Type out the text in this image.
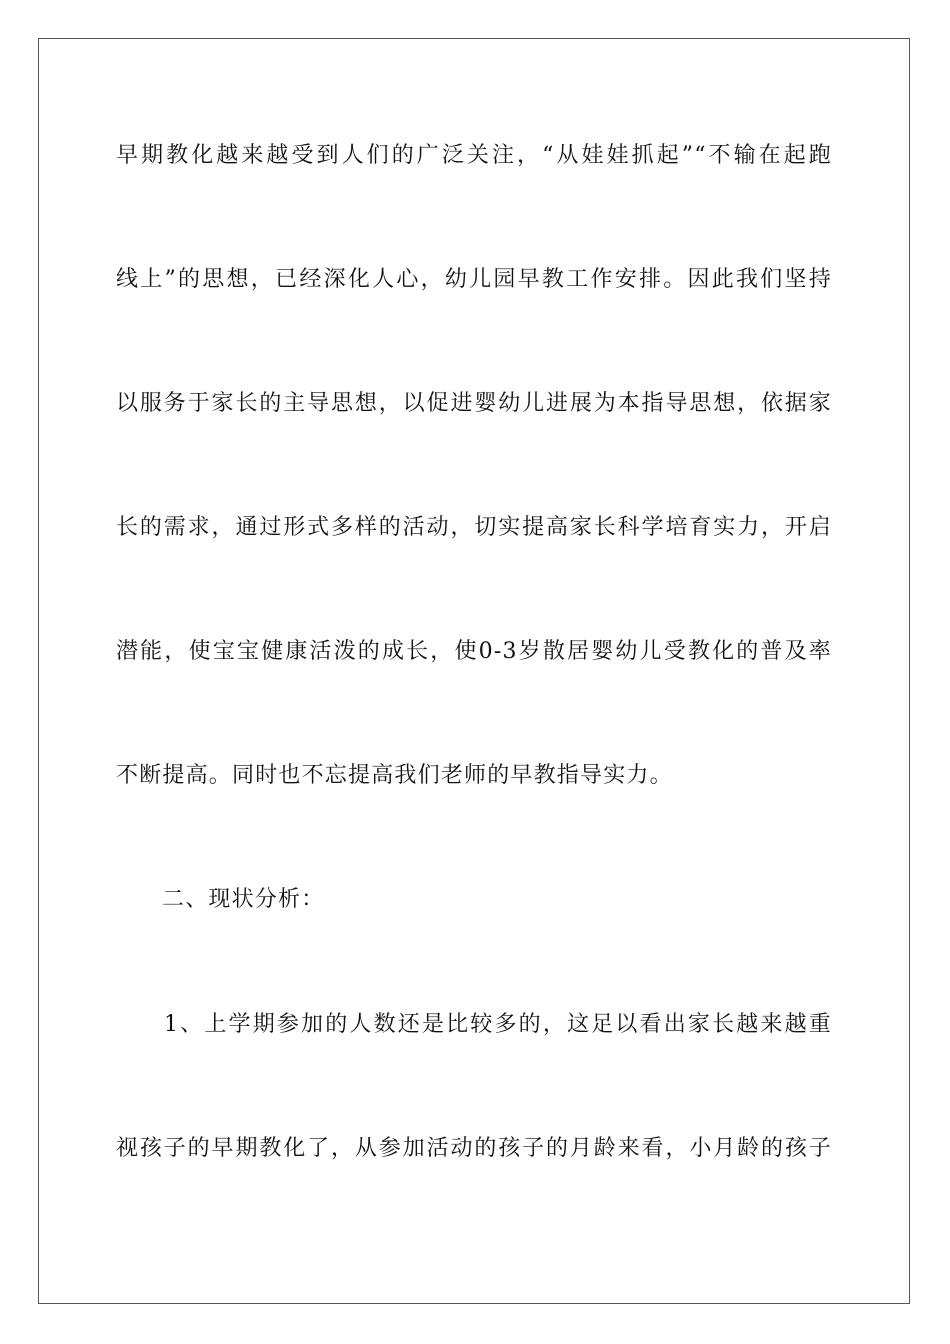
早期教化越来越受到人们的广泛关注，“从娃娃抓起”“不输在起跑
线上”的思想，已经深化人心，幼儿园早教工作安排。因此我们坚持
以服务于家长的主导思想，以促进婴幼儿进展为本指导思想，依据家
长的需求，通过形式多样的活动，切实提高家长科学培育实力，开启
潜能，使宝宝健康活泼的成长，使0-3岁散居婴幼儿受教化的普及率
不断提高。同时也不忘提高我们老师的早教指导实力。
二、现状分析：
1、上学期参加的人数还是比较多的，这足以看出家长越来越重
视孩子的早期教化了，从参加活动的孩子的月龄来看，小月龄的孩子
